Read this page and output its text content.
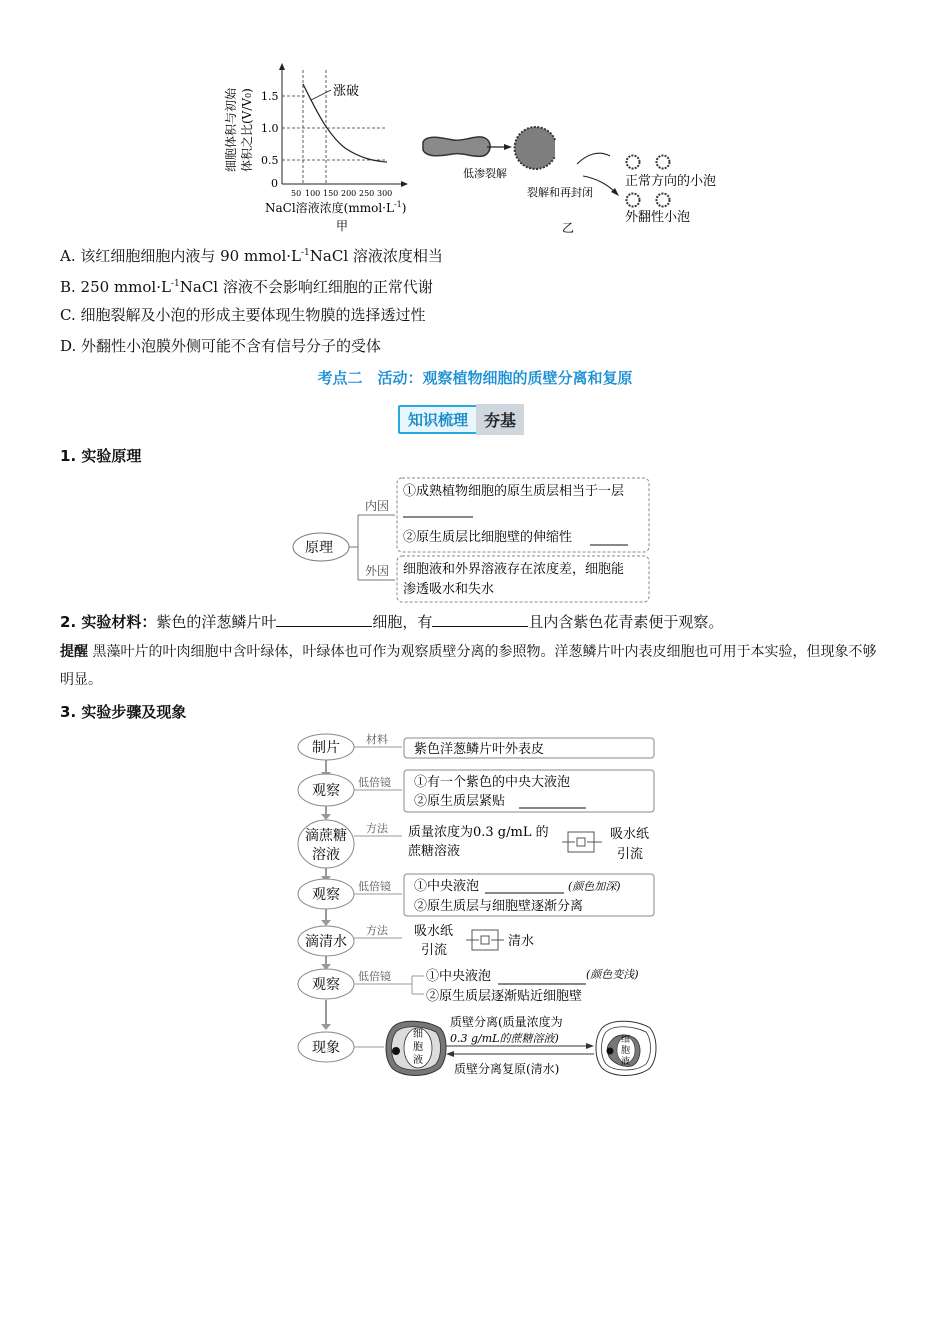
细胞体积与初始 体积之比(V/V0) 1.5
1.0
0.5
0
涨破
50 100 150 200 250 300
NaCl溶液浓度$(mmol\cdot L^{-1})$
甲
低渗裂解
裂解和再封闭
正常方向的小泡
外翻性小泡
乙
A. 该红细胞细胞内液与 90 $mmol\cdot L^{-1}NaCl$ 溶液浓度相当
B. 250 $mmol\cdot L^{-1}NaCl$ 溶液不会影响红细胞的正常代谢
C. 细胞裂解及小泡的形成主要体现生物膜的选择透过性
D. 外翻性小泡膜外侧可能不含有信号分子的受体
考点二　活动：观察植物细胞的质壁分离和复原
知识梳理	夯基
1. 实验原理
原理
内因
外因
①成熟植物细胞的原生质层相当于一层
②原生质层比细胞壁的伸缩性
细胞液和外界溶液存在浓度差，细胞能
渗透吸水和失水
2. 实验材料：紫色的洋葱鳞片叶	细胞，有	且内含紫色花青素便于观察。
提醒 黑藻叶片的叶肉细胞中含叶绿体，叶绿体也可作为观察质壁分离的参照物。洋葱鳞片叶内表皮细胞也可用于本实验，但现象不够明显。
3. 实验步骤及现象
制片
观察
滴蔗糖
溶液
观察
滴清水
观察
现象
材料
低倍镜
方法
低倍镜
方法
低倍镜
紫色洋葱鳞片叶外表皮
①有一个紫色的中央大液泡
②原生质层紧贴
质量浓度为0.3 g/mL 的
蔗糖溶液
吸水纸
引流
①中央液泡	(颜色加深)
②原生质层与细胞壁逐渐分离
吸水纸
引流
清水
①中央液泡	(颜色变浅)
②原生质层逐渐贴近细胞壁
细
胞
液
质壁分离(质量浓度为
0.3 g/mL的蔗糖溶液)
质壁分离复原(清水)
细
胞
液
